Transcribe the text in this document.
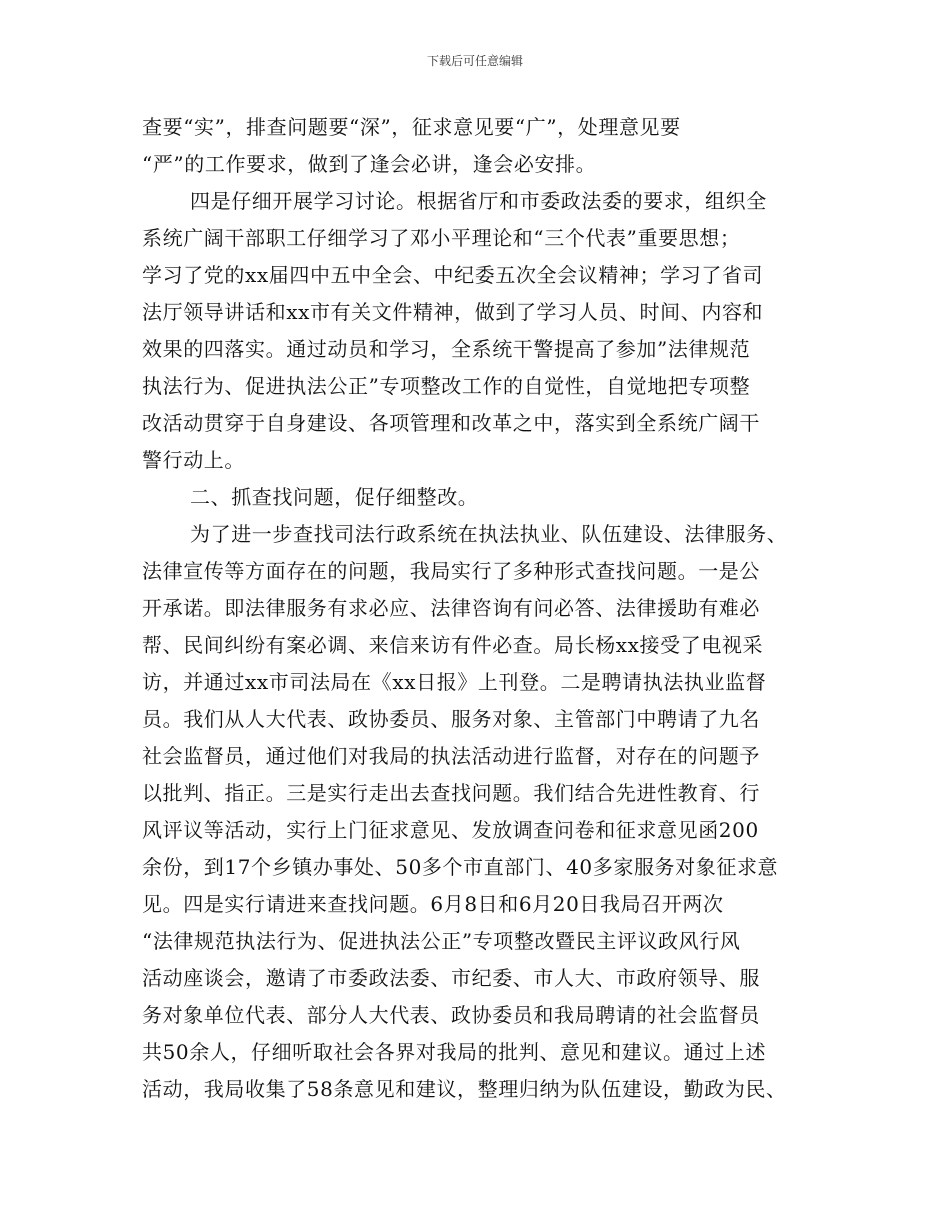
下载后可任意编辑
查要“实”，排查问题要“深”，征求意见要“广”，处理意见要
“严”的工作要求，做到了逢会必讲，逢会必安排。
四是仔细开展学习讨论。根据省厅和市委政法委的要求，组织全
系统广阔干部职工仔细学习了邓小平理论和“三个代表”重要思想；
学习了党的xx届四中五中全会、中纪委五次全会议精神；学习了省司
法厅领导讲话和xx市有关文件精神，做到了学习人员、时间、内容和
效果的四落实。通过动员和学习，全系统干警提高了参加”法律规范
执法行为、促进执法公正”专项整改工作的自觉性，自觉地把专项整
改活动贯穿于自身建设、各项管理和改革之中，落实到全系统广阔干
警行动上。
二、抓查找问题，促仔细整改。
为了进一步查找司法行政系统在执法执业、队伍建设、法律服务、
法律宣传等方面存在的问题，我局实行了多种形式查找问题。一是公
开承诺。即法律服务有求必应、法律咨询有问必答、法律援助有难必
帮、民间纠纷有案必调、来信来访有件必查。局长杨xx接受了电视采
访，并通过xx市司法局在《xx日报》上刊登。二是聘请执法执业监督
员。我们从人大代表、政协委员、服务对象、主管部门中聘请了九名
社会监督员，通过他们对我局的执法活动进行监督，对存在的问题予
以批判、指正。三是实行走出去查找问题。我们结合先进性教育、行
风评议等活动，实行上门征求意见、发放调查问卷和征求意见函200
余份，到17个乡镇办事处、50多个市直部门、40多家服务对象征求意
见。四是实行请进来查找问题。6月8日和6月20日我局召开两次
“法律规范执法行为、促进执法公正”专项整改暨民主评议政风行风
活动座谈会，邀请了市委政法委、市纪委、市人大、市政府领导、服
务对象单位代表、部分人大代表、政协委员和我局聘请的社会监督员
共50余人，仔细听取社会各界对我局的批判、意见和建议。通过上述
活动，我局收集了58条意见和建议，整理归纳为队伍建设，勤政为民、
